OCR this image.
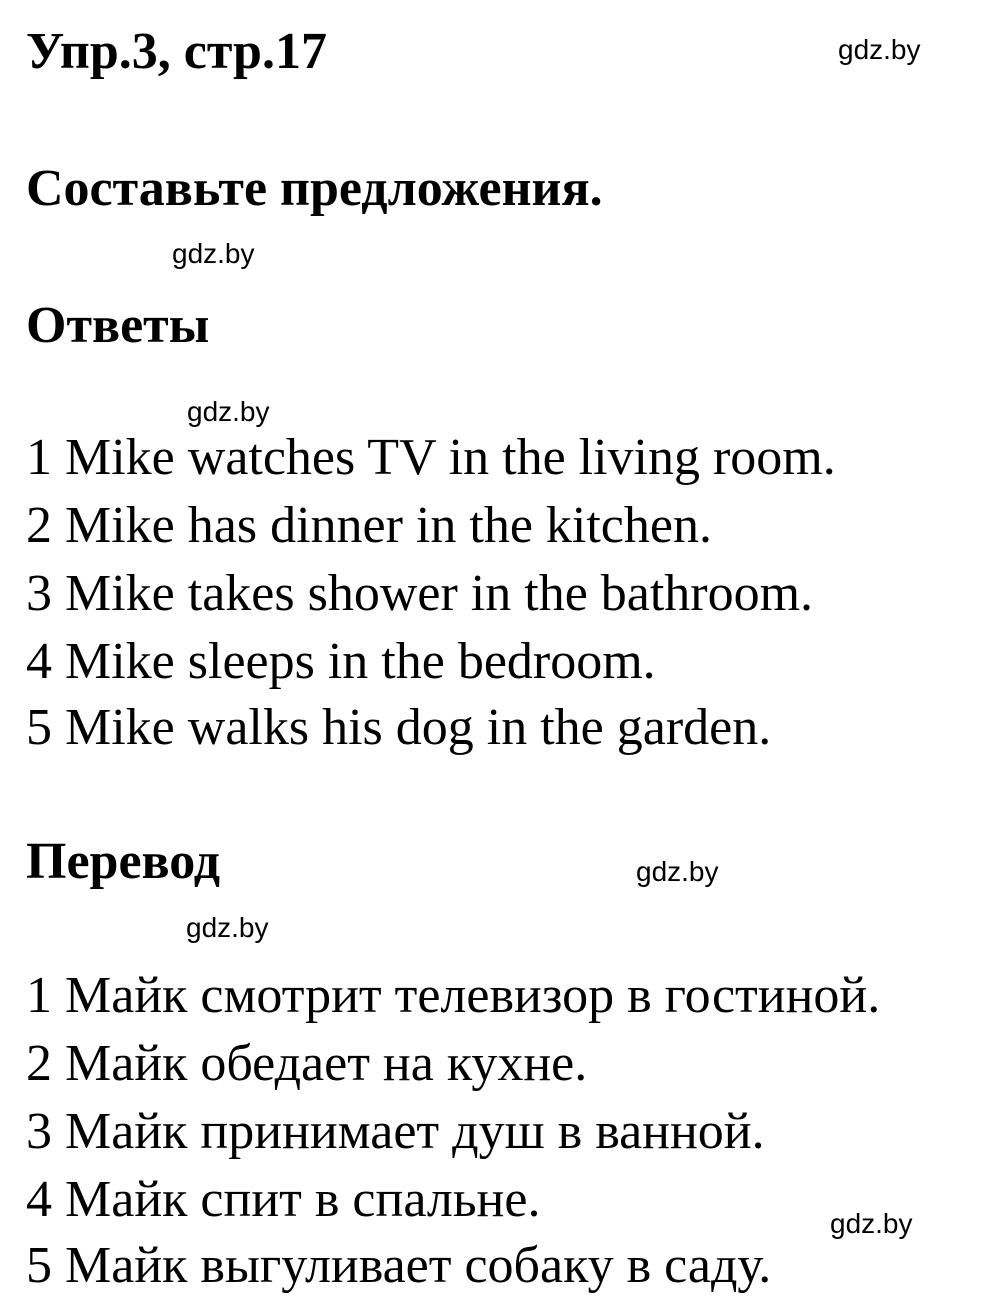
Упр.3, стр.17	gdz.by
Составьте предложения.
gdz.by
Ответы
gdz.by
1 Mike watches TV in the living room.
2 Mike has dinner in the kitchen.
3 Mike takes shower in the bathroom.
4 Mike sleeps in the bedroom.
5 Mike walks his dog in the garden.
Перевод	gdz.by
gdz.by
1 Майк смотрит телевизор в гостиной.
2 Майк обедает на кухне.
3 Майк принимает душ в ванной.
4 Майк спит в спальне.
5 Майк выгуливает собаку в саду.
gdz.by
